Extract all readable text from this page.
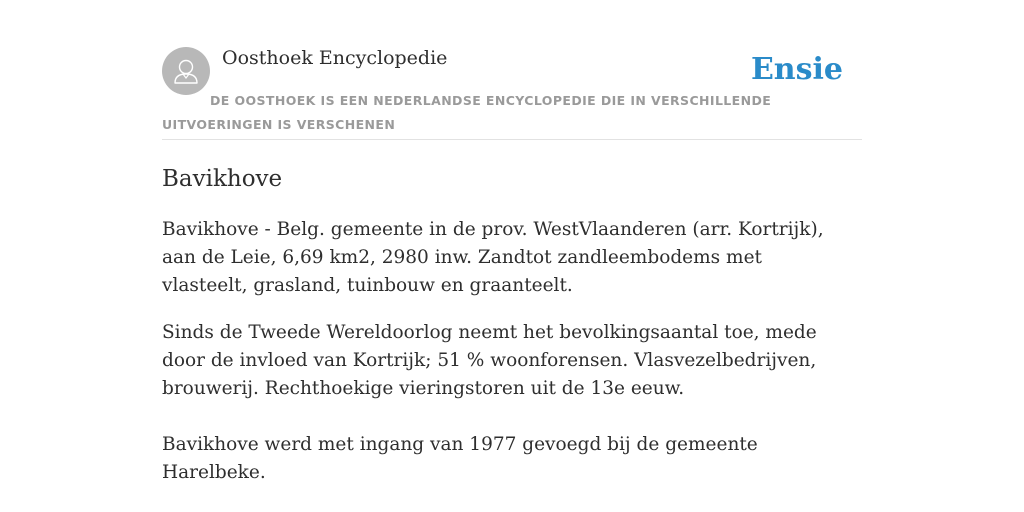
Oosthoek Encyclopedie	Ensie
DE OOSTHOEK IS EEN NEDERLANDSE ENCYCLOPEDIE DIE IN VERSCHILLENDE UITVOERINGEN IS VERSCHENEN
Bavikhove

Bavikhove - Belg. gemeente in de prov. WestVlaanderen (arr. Kortrijk), aan de Leie, 6,69 km2, 2980 inw. Zandtot zandleembodems met vlasteelt, grasland, tuinbouw en graanteelt.

Sinds de Tweede Wereldoorlog neemt het bevolkingsaantal toe, mede door de invloed van Kortrijk; 51 % woonforensen. Vlasvezelbedrijven, brouwerij. Rechthoekige vieringstoren uit de 13e eeuw.

Bavikhove werd met ingang van 1977 gevoegd bij de gemeente Harelbeke.
